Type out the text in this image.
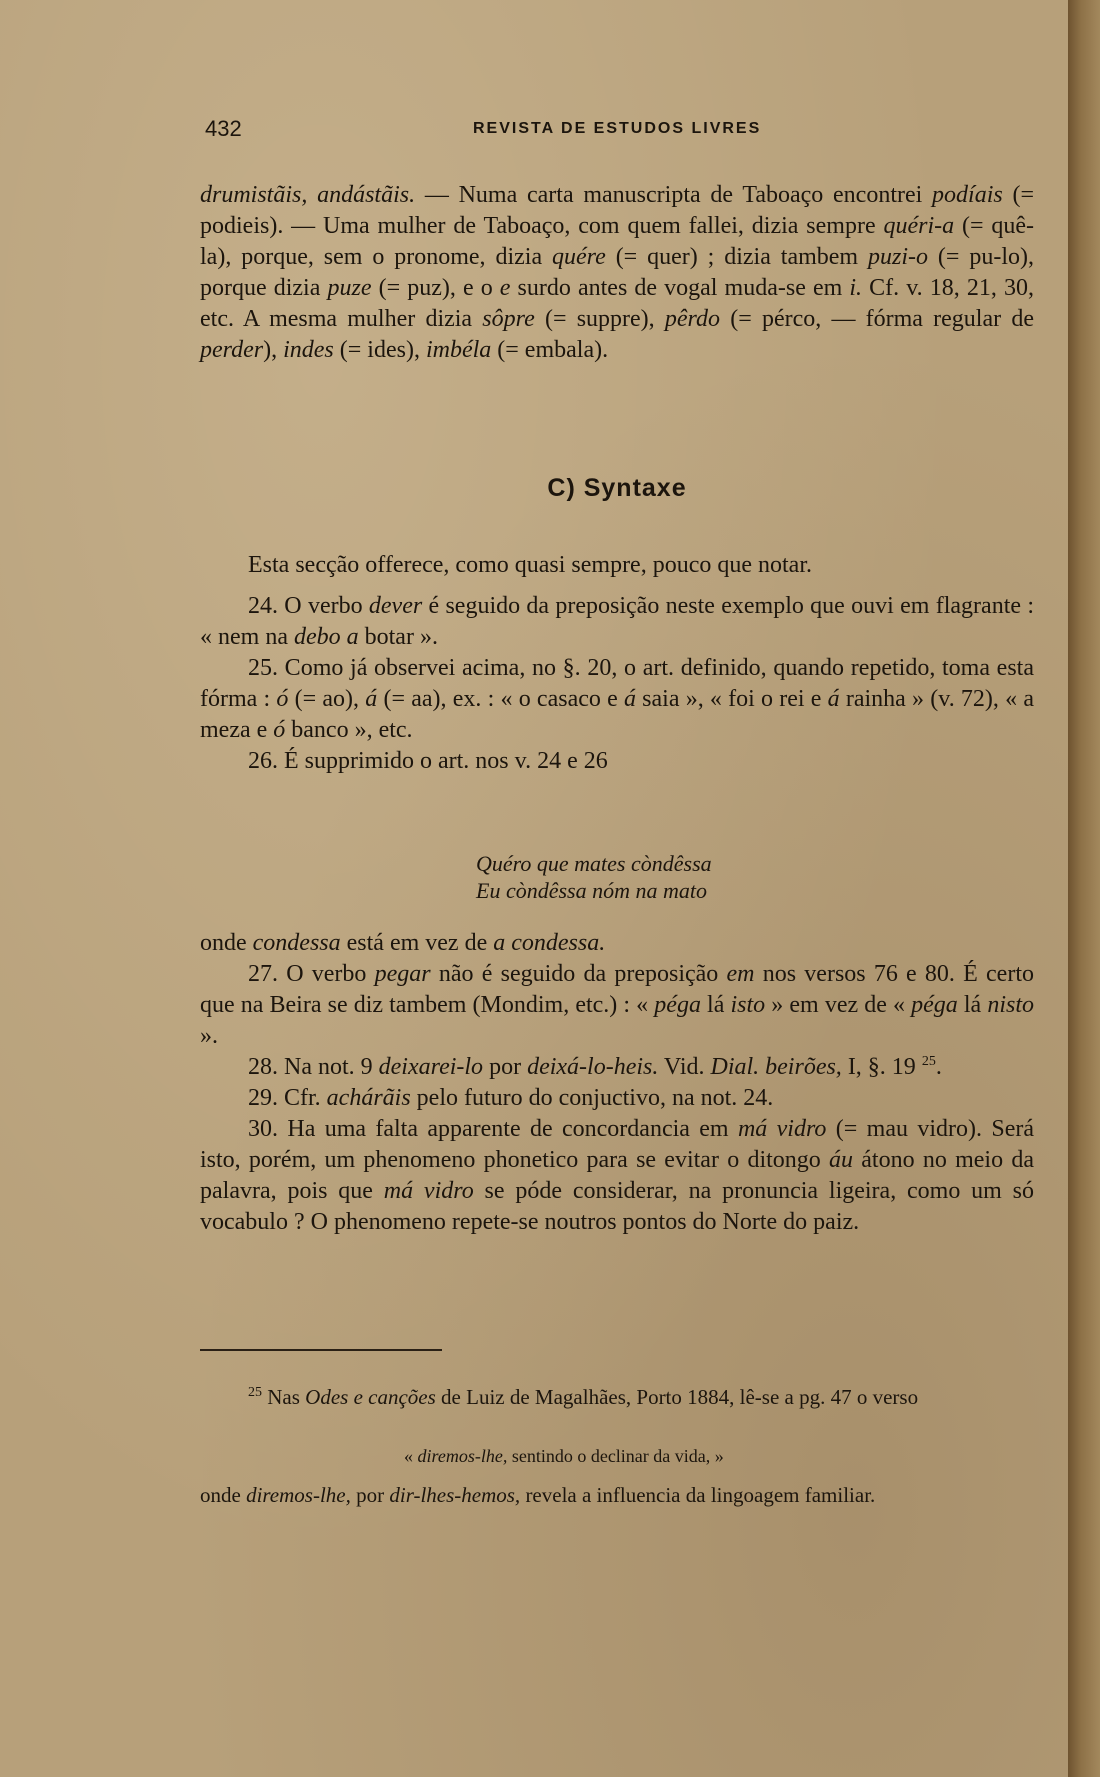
432	REVISTA DE ESTUDOS LIVRES

drumistãis, andástãis. — Numa carta manuscripta de Taboaço encontrei podíais (= podieis). — Uma mulher de Taboaço, com quem fallei, dizia sempre quéri-a (= quê-la), porque, sem o pronome, dizia quére (= quer) ; dizia tambem puzi-o (= pu-lo), porque dizia puze (= puz), e o e surdo antes de vogal muda-se em i. Cf. v. 18, 21, 30, etc. A mesma mulher dizia sôpre (= suppre), pêrdo (= pérco, — fórma regular de perder), indes (= ides), imbéla (= embala).

C) Syntaxe

Esta secção offerece, como quasi sempre, pouco que notar.

24. O verbo dever é seguido da preposição neste exemplo que ouvi em flagrante : « nem na debo a botar ».

25. Como já observei acima, no §. 20, o art. definido, quando repetido, toma esta fórma : ó (= ao), á (= aa), ex. : « o casaco e á saia », « foi o rei e á rainha » (v. 72), « a meza e ó banco », etc.

26. É supprimido o art. nos v. 24 e 26

Quéro que mates còndêssa
Eu còndêssa nóm na mato

onde condessa está em vez de a condessa.

27. O verbo pegar não é seguido da preposição em nos versos 76 e 80. É certo que na Beira se diz tambem (Mondim, etc.) : « péga lá isto » em vez de « péga lá nisto ».

28. Na not. 9 deixarei-lo por deixá-lo-heis. Vid. Dial. beirões, I, §. 19 $^{25}$.

29. Cfr. achárãis pelo futuro do conjuctivo, na not. 24.

30. Ha uma falta apparente de concordancia em má vidro (= mau vidro). Será isto, porém, um phenomeno phonetico para se evitar o ditongo áu átono no meio da palavra, pois que má vidro se póde considerar, na pronuncia ligeira, como um só vocabulo ? O phenomeno repete-se noutros pontos do Norte do paiz.

$^{25}$ Nas Odes e canções de Luiz de Magalhães, Porto 1884, lê-se a pg. 47 o verso

« diremos-lhe, sentindo o declinar da vida, »

onde diremos-lhe, por dir-lhes-hemos, revela a influencia da lingoagem familiar.
